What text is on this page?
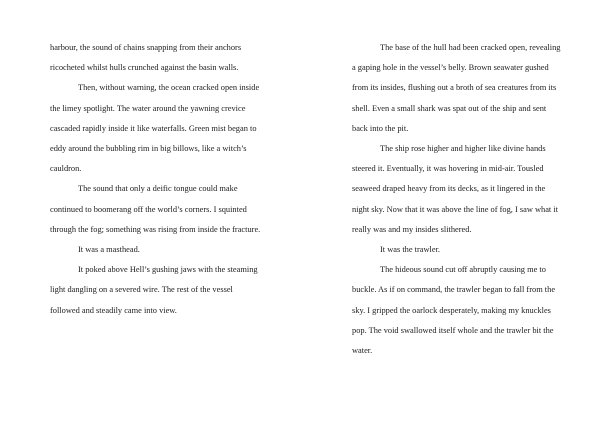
harbour, the sound of chains snapping from their anchors ricocheted whilst hulls crunched against the basin walls.

Then, without warning, the ocean cracked open inside the limey spotlight. The water around the yawning crevice cascaded rapidly inside it like waterfalls. Green mist began to eddy around the bubbling rim in big billows, like a witch’s cauldron.

The sound that only a deific tongue could make continued to boomerang off the world’s corners. I squinted through the fog; something was rising from inside the fracture.

It was a masthead.

It poked above Hell’s gushing jaws with the steaming light dangling on a severed wire. The rest of the vessel followed and steadily came into view.

The base of the hull had been cracked open, revealing a gaping hole in the vessel’s belly. Brown seawater gushed from its insides, flushing out a broth of sea creatures from its shell. Even a small shark was spat out of the ship and sent back into the pit.

The ship rose higher and higher like divine hands steered it. Eventually, it was hovering in mid-air. Tousled seaweed draped heavy from its decks, as it lingered in the night sky. Now that it was above the line of fog, I saw what it really was and my insides slithered.

It was the trawler.

The hideous sound cut off abruptly causing me to buckle. As if on command, the trawler began to fall from the sky. I gripped the oarlock desperately, making my knuckles pop. The void swallowed itself whole and the trawler bit the water.
